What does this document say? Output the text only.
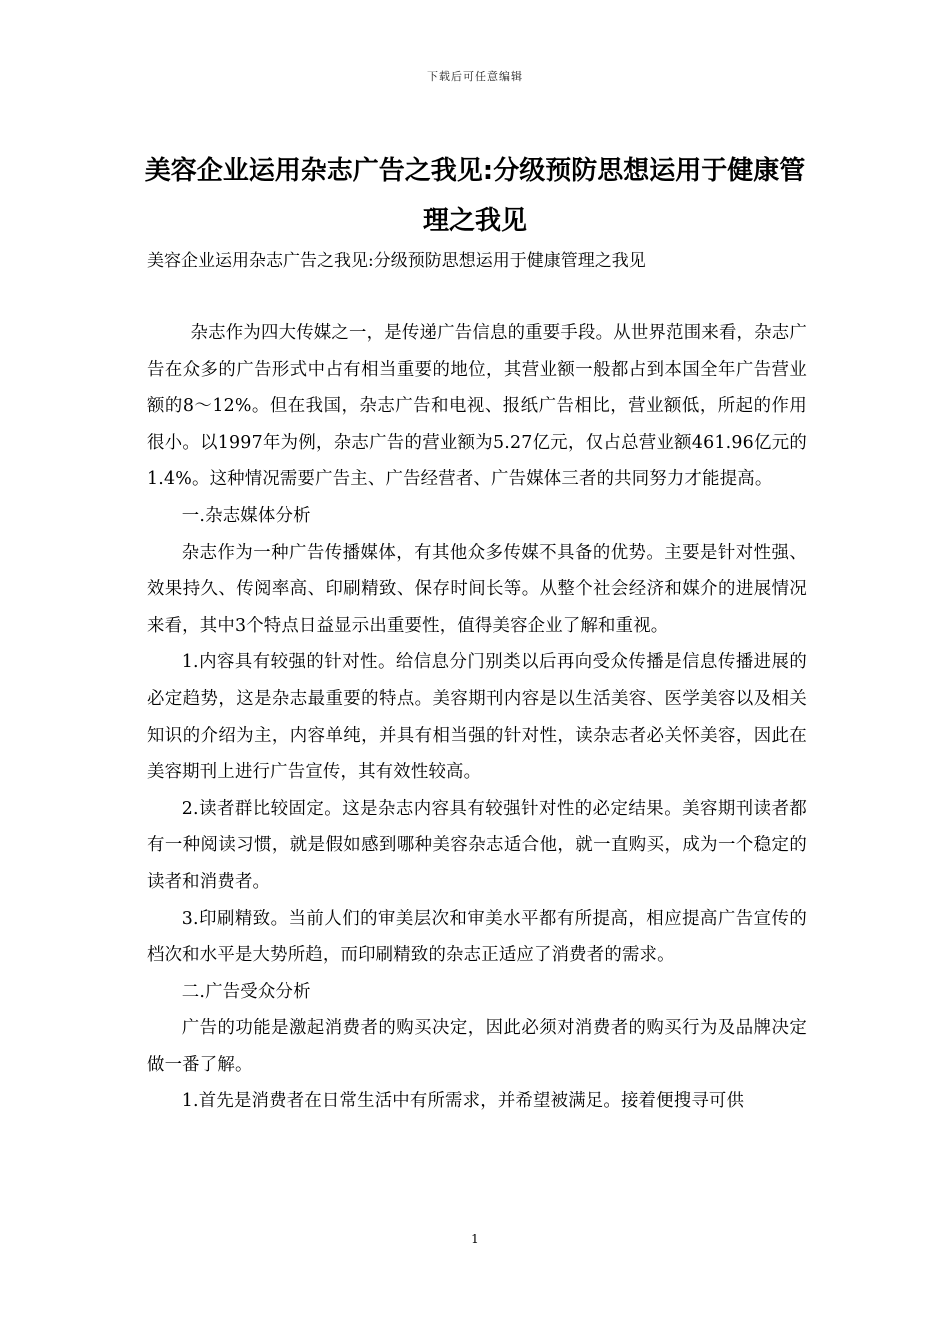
下载后可任意编辑
美容企业运用杂志广告之我见:分级预防思想运用于健康管理之我见
美容企业运用杂志广告之我见:分级预防思想运用于健康管理之我见

杂志作为四大传媒之一，是传递广告信息的重要手段。从世界范围来看，杂志广告在众多的广告形式中占有相当重要的地位，其营业额一般都占到本国全年广告营业额的8～12%。但在我国，杂志广告和电视、报纸广告相比，营业额低，所起的作用很小。以1997年为例，杂志广告的营业额为5.27亿元，仅占总营业额461.96亿元的1.4%。这种情况需要广告主、广告经营者、广告媒体三者的共同努力才能提高。

一.杂志媒体分析

杂志作为一种广告传播媒体，有其他众多传媒不具备的优势。主要是针对性强、效果持久、传阅率高、印刷精致、保存时间长等。从整个社会经济和媒介的进展情况来看，其中3个特点日益显示出重要性，值得美容企业了解和重视。

1.内容具有较强的针对性。给信息分门别类以后再向受众传播是信息传播进展的必定趋势，这是杂志最重要的特点。美容期刊内容是以生活美容、医学美容以及相关知识的介绍为主，内容单纯，并具有相当强的针对性，读杂志者必关怀美容，因此在美容期刊上进行广告宣传，其有效性较高。

2.读者群比较固定。这是杂志内容具有较强针对性的必定结果。美容期刊读者都有一种阅读习惯，就是假如感到哪种美容杂志适合他，就一直购买，成为一个稳定的读者和消费者。

3.印刷精致。当前人们的审美层次和审美水平都有所提高，相应提高广告宣传的档次和水平是大势所趋，而印刷精致的杂志正适应了消费者的需求。

二.广告受众分析

广告的功能是激起消费者的购买决定，因此必须对消费者的购买行为及品牌决定做一番了解。

1.首先是消费者在日常生活中有所需求，并希望被满足。接着便搜寻可供

1
